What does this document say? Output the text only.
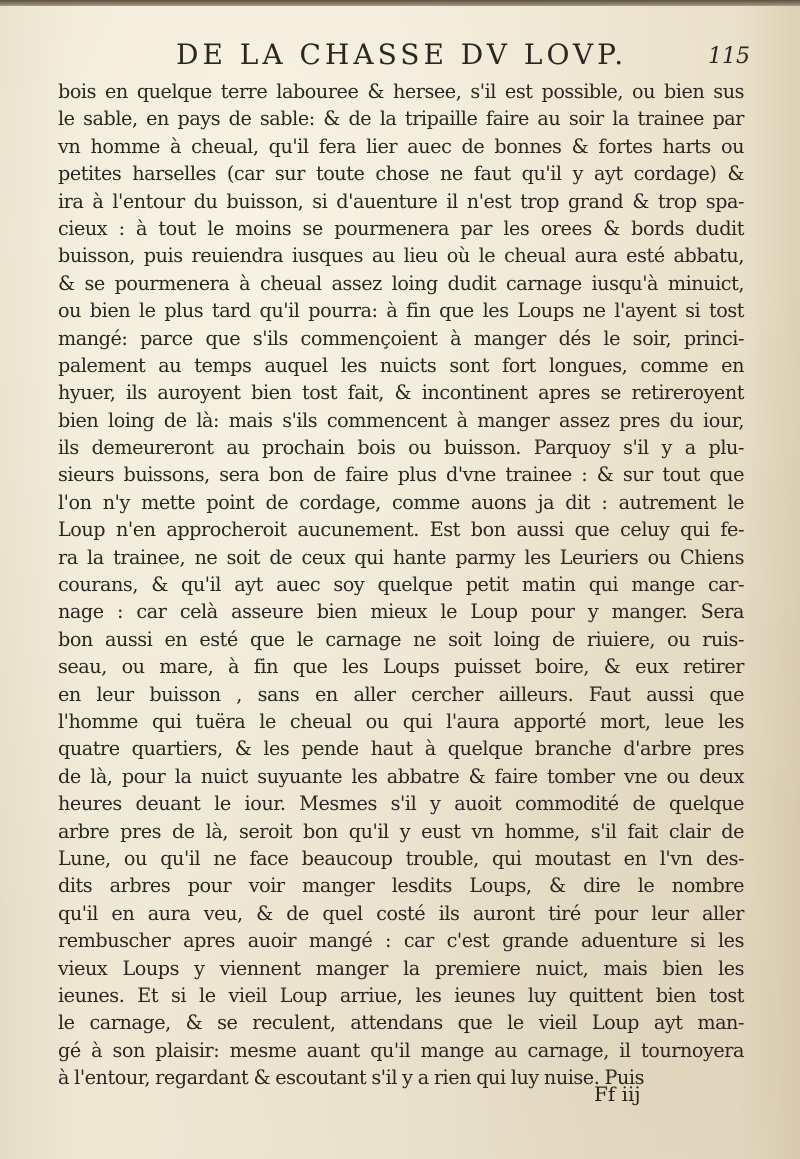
DE LA CHASSE DV LOVP.	115
bois en quelque terre labouree & hersee, s'il est possible, ou bien sus
le sable, en pays de sable: & de la tripaille faire au soir la trainee par
vn homme à cheual, qu'il fera lier auec de bonnes & fortes harts ou
petites harselles (car sur toute chose ne faut qu'il y ayt cordage) &
ira à l'entour du buisson, si d'auenture il n'est trop grand & trop spa-
cieux : à tout le moins se pourmenera par les orees & bords dudit
buisson, puis reuiendra iusques au lieu où le cheual aura esté abbatu,
& se pourmenera à cheual assez loing dudit carnage iusqu'à minuict,
ou bien le plus tard qu'il pourra: à fin que les Loups ne l'ayent si tost
mangé: parce que s'ils commençoient à manger dés le soir, princi-
palement au temps auquel les nuicts sont fort longues, comme en
hyuer, ils auroyent bien tost fait, & incontinent apres se retireroyent
bien loing de là: mais s'ils commencent à manger assez pres du iour,
ils demeureront au prochain bois ou buisson. Parquoy s'il y a plu-
sieurs buissons, sera bon de faire plus d'vne trainee : & sur tout que
l'on n'y mette point de cordage, comme auons ja dit : autrement le
Loup n'en approcheroit aucunement. Est bon aussi que celuy qui fe-
ra la trainee, ne soit de ceux qui hante parmy les Leuriers ou Chiens
courans, & qu'il ayt auec soy quelque petit matin qui mange car-
nage : car celà asseure bien mieux le Loup pour y manger. Sera
bon aussi en esté que le carnage ne soit loing de riuiere, ou ruis-
seau, ou mare, à fin que les Loups puisset boire, & eux retirer
en leur buisson , sans en aller cercher ailleurs. Faut aussi que
l'homme qui tuëra le cheual ou qui l'aura apporté mort, leue les
quatre quartiers, & les pende haut à quelque branche d'arbre pres
de là, pour la nuict suyuante les abbatre & faire tomber vne ou deux
heures deuant le iour. Mesmes s'il y auoit commodité de quelque
arbre pres de là, seroit bon qu'il y eust vn homme, s'il fait clair de
Lune, ou qu'il ne face beaucoup trouble, qui moutast en l'vn des-
dits arbres pour voir manger lesdits Loups, & dire le nombre
qu'il en aura veu, & de quel costé ils auront tiré pour leur aller
rembuscher apres auoir mangé : car c'est grande aduenture si les
vieux Loups y viennent manger la premiere nuict, mais bien les
ieunes. Et si le vieil Loup arriue, les ieunes luy quittent bien tost
le carnage, & se reculent, attendans que le vieil Loup ayt man-
gé à son plaisir: mesme auant qu'il mange au carnage, il tournoyera
à l'entour, regardant & escoutant s'il y a rien qui luy nuise. Puis
Ff iij
